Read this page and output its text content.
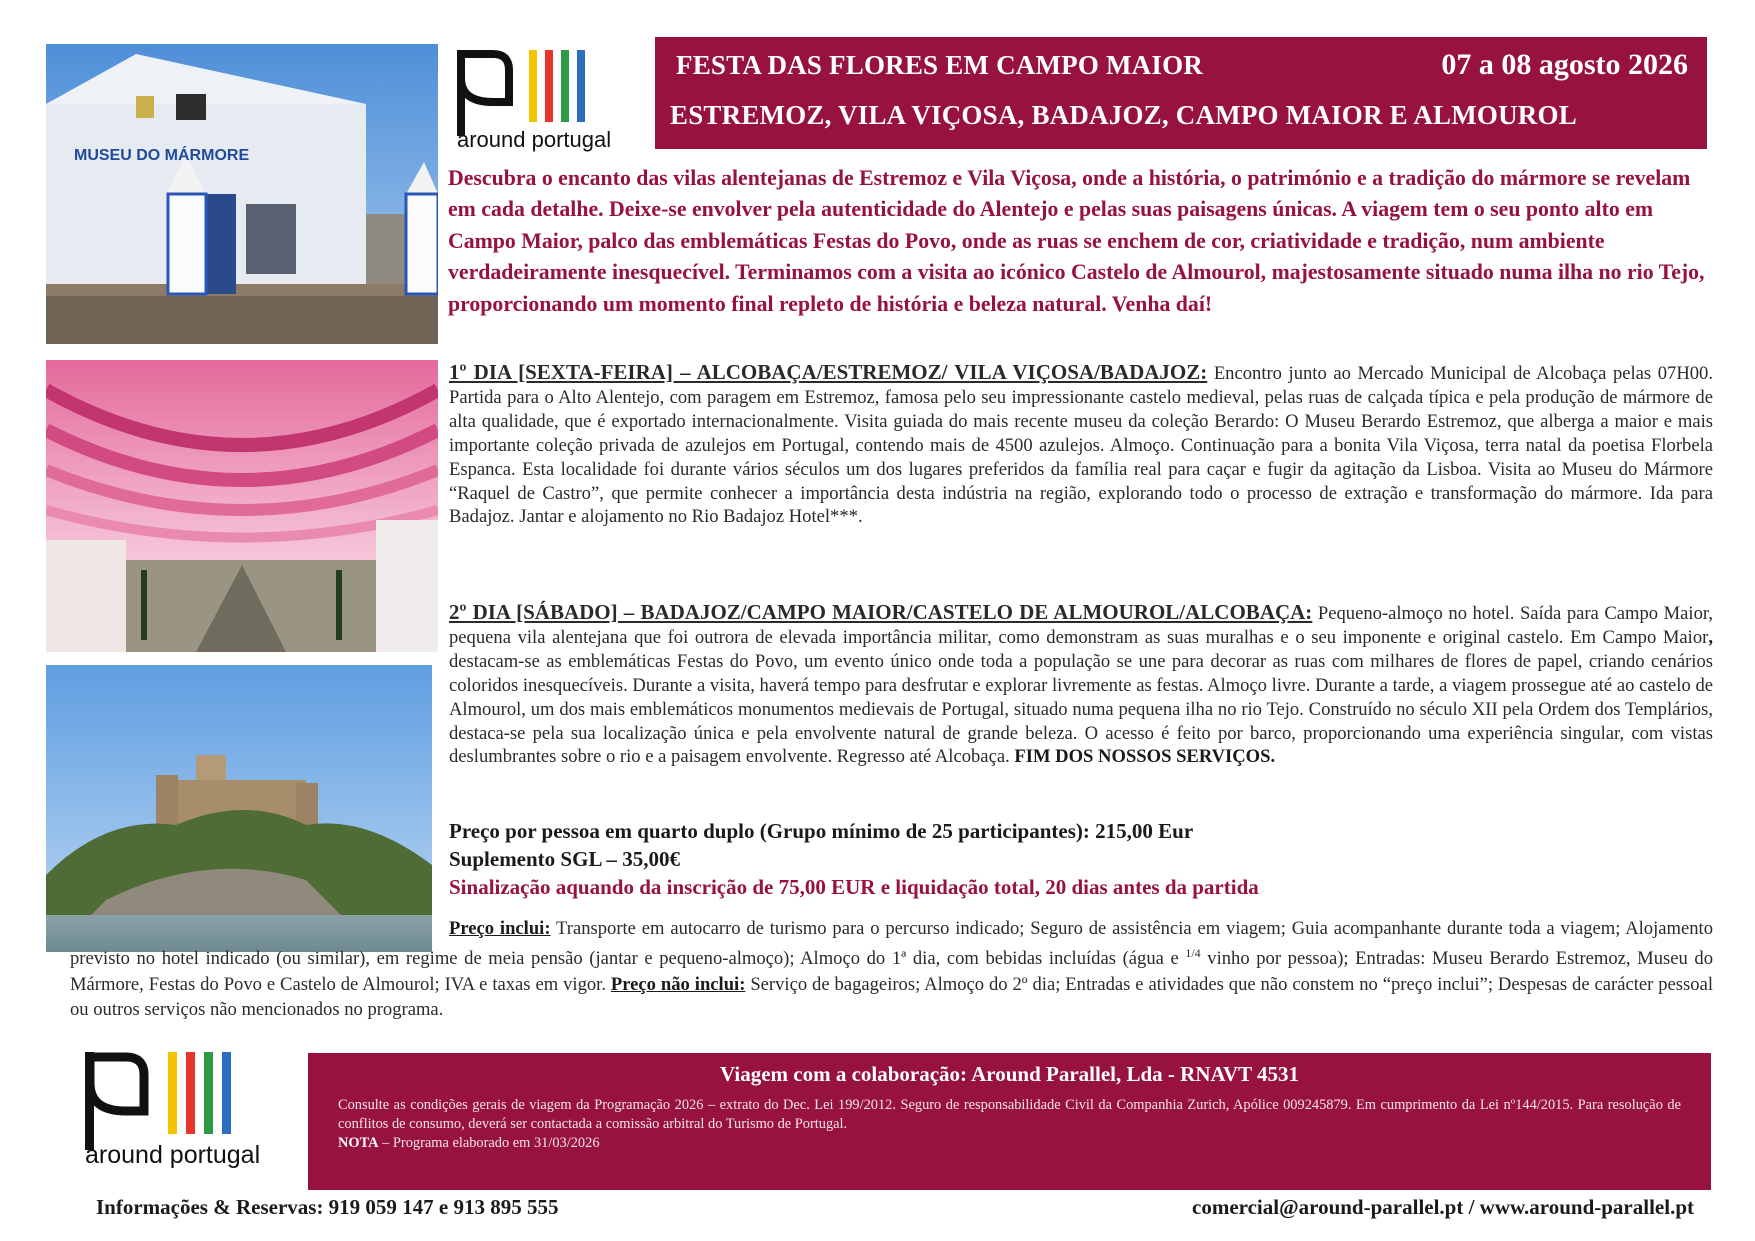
MUSEU DO MÁRMORE
around portugal
FESTA DAS FLORES EM CAMPO MAIOR	07 a 08 agosto 2026
ESTREMOZ, VILA VIÇOSA, BADAJOZ, CAMPO MAIOR E ALMOUROL
Descubra o encanto das vilas alentejanas de Estremoz e Vila Viçosa, onde a história, o património e a tradição do mármore se revelam em cada detalhe. Deixe-se envolver pela autenticidade do Alentejo e pelas suas paisagens únicas. A viagem tem o seu ponto alto em Campo Maior, palco das emblemáticas Festas do Povo, onde as ruas se enchem de cor, criatividade e tradição, num ambiente verdadeiramente inesquecível. Terminamos com a visita ao icónico Castelo de Almourol, majestosamente situado numa ilha no rio Tejo, proporcionando um momento final repleto de história e beleza natural. Venha daí!
1º DIA [SEXTA-FEIRA] – ALCOBAÇA/ESTREMOZ/ VILA VIÇOSA/BADAJOZ: Encontro junto ao Mercado Municipal de Alcobaça pelas 07H00. Partida para o Alto Alentejo, com paragem em Estremoz, famosa pelo seu impressionante castelo medieval, pelas ruas de calçada típica e pela produção de mármore de alta qualidade, que é exportado internacionalmente. Visita guiada do mais recente museu da coleção Berardo: O Museu Berardo Estremoz, que alberga a maior e mais importante coleção privada de azulejos em Portugal, contendo mais de 4500 azulejos. Almoço. Continuação para a bonita Vila Viçosa, terra natal da poetisa Florbela Espanca. Esta localidade foi durante vários séculos um dos lugares preferidos da família real para caçar e fugir da agitação da Lisboa. Visita ao Museu do Mármore “Raquel de Castro”, que permite conhecer a importância desta indústria na região, explorando todo o processo de extração e transformação do mármore. Ida para Badajoz. Jantar e alojamento no Rio Badajoz Hotel***.
2º DIA [SÁBADO] – BADAJOZ/CAMPO MAIOR/CASTELO DE ALMOUROL/ALCOBAÇA: Pequeno-almoço no hotel. Saída para Campo Maior, pequena vila alentejana que foi outrora de elevada importância militar, como demonstram as suas muralhas e o seu imponente e original castelo. Em Campo Maior, destacam-se as emblemáticas Festas do Povo, um evento único onde toda a população se une para decorar as ruas com milhares de flores de papel, criando cenários coloridos inesquecíveis. Durante a visita, haverá tempo para desfrutar e explorar livremente as festas. Almoço livre. Durante a tarde, a viagem prossegue até ao castelo de Almourol, um dos mais emblemáticos monumentos medievais de Portugal, situado numa pequena ilha no rio Tejo. Construído no século XII pela Ordem dos Templários, destaca-se pela sua localização única e pela envolvente natural de grande beleza. O acesso é feito por barco, proporcionando uma experiência singular, com vistas deslumbrantes sobre o rio e a paisagem envolvente. Regresso até Alcobaça. FIM DOS NOSSOS SERVIÇOS.
Preço por pessoa em quarto duplo (Grupo mínimo de 25 participantes): 215,00 Eur
Suplemento SGL – 35,00€
Sinalização aquando da inscrição de 75,00 EUR e liquidação total, 20 dias antes da partida
Preço inclui: Transporte em autocarro de turismo para o percurso indicado; Seguro de assistência em viagem; Guia acompanhante durante toda a viagem; Alojamento previsto no hotel indicado (ou similar), em regime de meia pensão (jantar e pequeno-almoço); Almoço do 1ª dia, com bebidas incluídas (água e $^{1/4}$ vinho por pessoa); Entradas: Museu Berardo Estremoz, Museu do Mármore, Festas do Povo e Castelo de Almourol; IVA e taxas em vigor. Preço não inclui: Serviço de bagageiros; Almoço do 2º dia; Entradas e atividades que não constem no “preço inclui”; Despesas de carácter pessoal ou outros serviços não mencionados no programa.
around portugal
Viagem com a colaboração: Around Parallel, Lda - RNAVT 4531
Consulte as condições gerais de viagem da Programação 2026 – extrato do Dec. Lei 199/2012. Seguro de responsabilidade Civil da Companhia Zurich, Apólice 009245879. Em cumprimento da Lei nº144/2015. Para resolução de conflitos de consumo, deverá ser contactada a comissão arbitral do Turismo de Portugal.
NOTA – Programa elaborado em 31/03/2026
Informações & Reservas: 919 059 147 e 913 895 555	comercial@around-parallel.pt / www.around-parallel.pt
